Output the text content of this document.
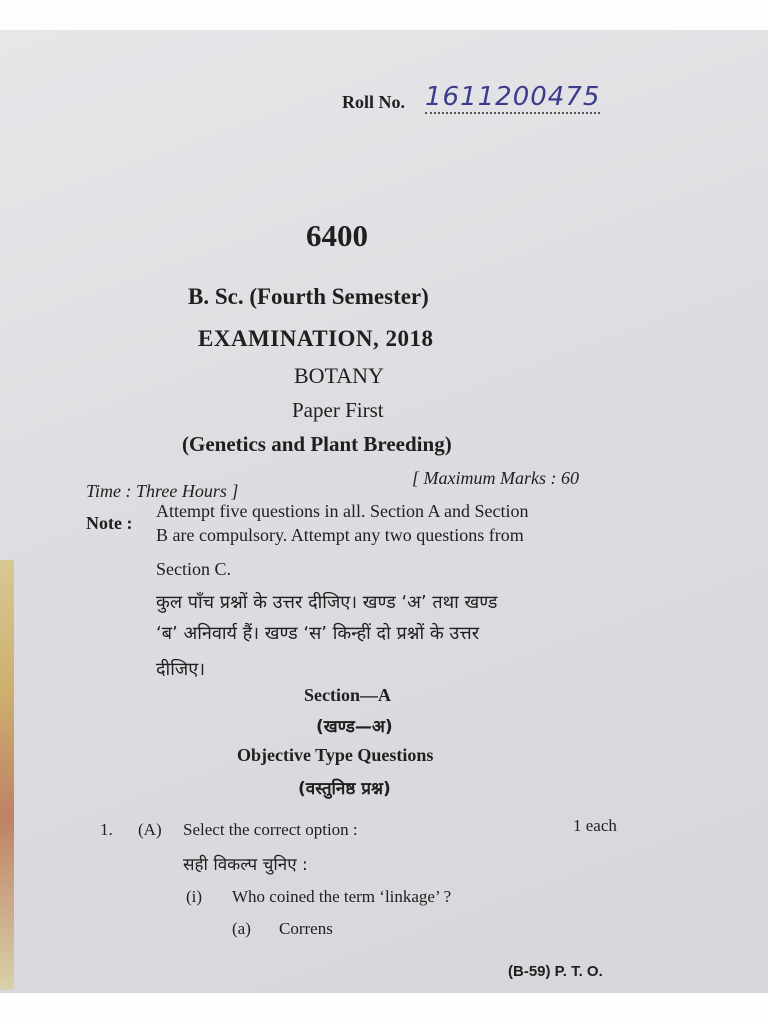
Roll No. 1611200475
6400
B. Sc. (Fourth Semester)
EXAMINATION, 2018
BOTANY
Paper First
(Genetics and Plant Breeding)
Time : Three Hours ]
[ Maximum Marks : 60
Note :
Attempt five questions in all. Section A and Section
B are compulsory. Attempt any two questions from
Section C.
कुल पाँच प्रश्नों के उत्तर दीजिए। खण्ड ‘अ’ तथा खण्ड
‘ब’ अनिवार्य हैं। खण्ड ‘स’ किन्हीं दो प्रश्नों के उत्तर
दीजिए।
Section—A
(खण्ड—अ)
Objective Type Questions
(वस्तुनिष्ठ प्रश्न)
1. (A) Select the correct option :	1 each
सही विकल्प चुनिए :
(i) Who coined the term ‘linkage’ ?
(a) Correns
(B-59) P. T. O.
